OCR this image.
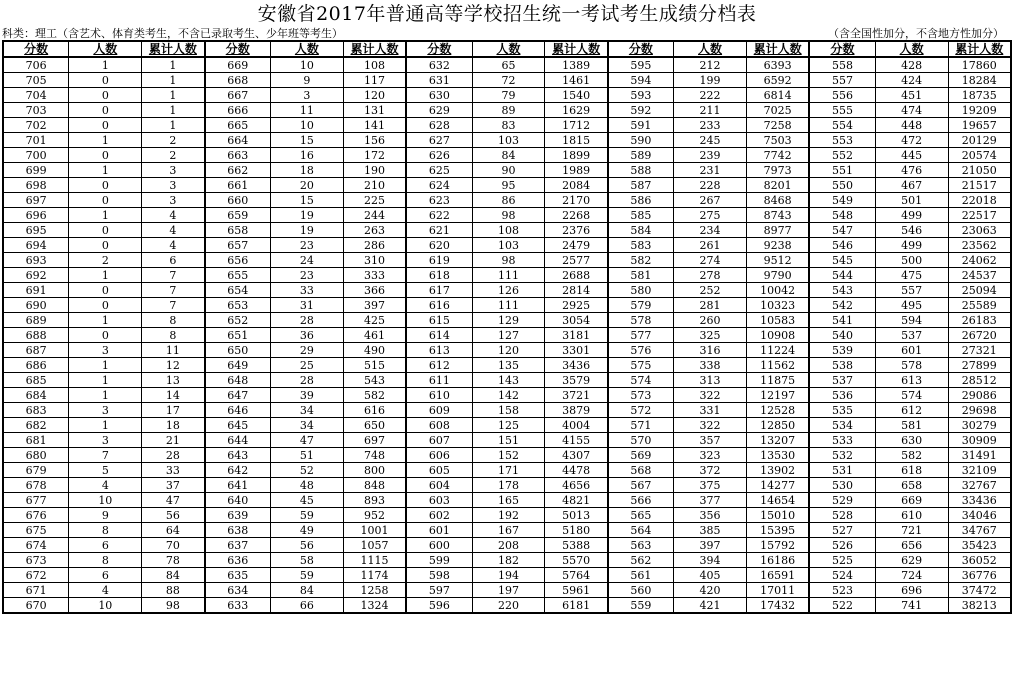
安徽省2017年普通高等学校招生统一考试考生成绩分档表
科类：理工（含艺术、体育类考生，不含已录取考生、少年班等考生）	（含全国性加分，不含地方性加分）
分数	人数	累计人数	分数	人数	累计人数	分数	人数	累计人数	分数	人数	累计人数	分数	人数	累计人数
706	1	1	669	10	108	632	65	1389	595	212	6393	558	428	17860
705	0	1	668	9	117	631	72	1461	594	199	6592	557	424	18284
704	0	1	667	3	120	630	79	1540	593	222	6814	556	451	18735
703	0	1	666	11	131	629	89	1629	592	211	7025	555	474	19209
702	0	1	665	10	141	628	83	1712	591	233	7258	554	448	19657
701	1	2	664	15	156	627	103	1815	590	245	7503	553	472	20129
700	0	2	663	16	172	626	84	1899	589	239	7742	552	445	20574
699	1	3	662	18	190	625	90	1989	588	231	7973	551	476	21050
698	0	3	661	20	210	624	95	2084	587	228	8201	550	467	21517
697	0	3	660	15	225	623	86	2170	586	267	8468	549	501	22018
696	1	4	659	19	244	622	98	2268	585	275	8743	548	499	22517
695	0	4	658	19	263	621	108	2376	584	234	8977	547	546	23063
694	0	4	657	23	286	620	103	2479	583	261	9238	546	499	23562
693	2	6	656	24	310	619	98	2577	582	274	9512	545	500	24062
692	1	7	655	23	333	618	111	2688	581	278	9790	544	475	24537
691	0	7	654	33	366	617	126	2814	580	252	10042	543	557	25094
690	0	7	653	31	397	616	111	2925	579	281	10323	542	495	25589
689	1	8	652	28	425	615	129	3054	578	260	10583	541	594	26183
688	0	8	651	36	461	614	127	3181	577	325	10908	540	537	26720
687	3	11	650	29	490	613	120	3301	576	316	11224	539	601	27321
686	1	12	649	25	515	612	135	3436	575	338	11562	538	578	27899
685	1	13	648	28	543	611	143	3579	574	313	11875	537	613	28512
684	1	14	647	39	582	610	142	3721	573	322	12197	536	574	29086
683	3	17	646	34	616	609	158	3879	572	331	12528	535	612	29698
682	1	18	645	34	650	608	125	4004	571	322	12850	534	581	30279
681	3	21	644	47	697	607	151	4155	570	357	13207	533	630	30909
680	7	28	643	51	748	606	152	4307	569	323	13530	532	582	31491
679	5	33	642	52	800	605	171	4478	568	372	13902	531	618	32109
678	4	37	641	48	848	604	178	4656	567	375	14277	530	658	32767
677	10	47	640	45	893	603	165	4821	566	377	14654	529	669	33436
676	9	56	639	59	952	602	192	5013	565	356	15010	528	610	34046
675	8	64	638	49	1001	601	167	5180	564	385	15395	527	721	34767
674	6	70	637	56	1057	600	208	5388	563	397	15792	526	656	35423
673	8	78	636	58	1115	599	182	5570	562	394	16186	525	629	36052
672	6	84	635	59	1174	598	194	5764	561	405	16591	524	724	36776
671	4	88	634	84	1258	597	197	5961	560	420	17011	523	696	37472
670	10	98	633	66	1324	596	220	6181	559	421	17432	522	741	38213
